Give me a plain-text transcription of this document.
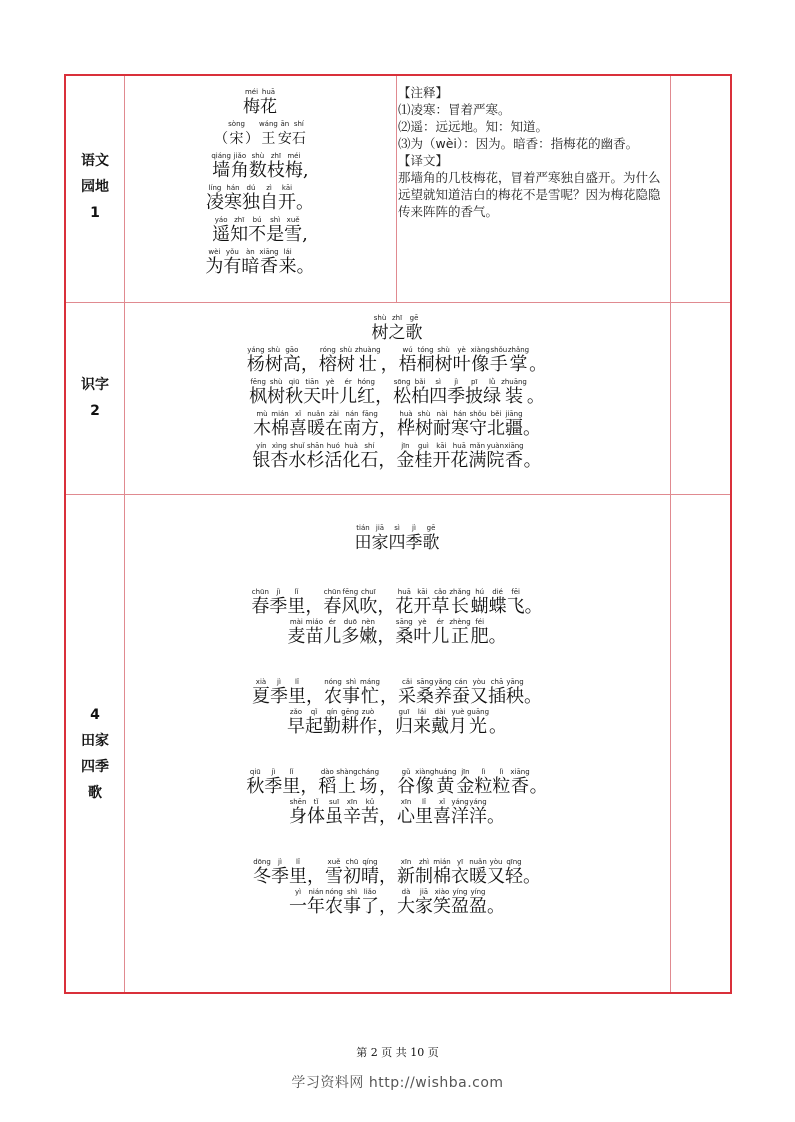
语文
园地
1
识字
2
4
田家
四季
歌
méi
梅
huā
花
（
sòng
宋 ）
wáng
王
ān
安
shí
石
qiáng
墙
jiǎo
角
shù
数
zhī
枝
méi
梅 ,
líng
凌
hán
寒
dú
独
zì
自
kāi
开 。
yáo
遥
zhī
知
bú
不
shì
是
xuě
雪 ,
wèi
为
yǒu
有
àn
暗
xiāng
香
lái
来 。
【注释】
⑴凌寒：冒着严寒。
⑵遥：远远地。知：知道。
⑶为（wèi）：因为。暗香：指梅花的幽香。
【译文】
那墙角的几枝梅花，冒着严寒独自盛开。为什么远望就知道洁白的梅花不是雪呢？因为梅花隐隐传来阵阵的香气。
shù
树
zhī
之
gē
歌
yáng
杨
shù
树
gāo
高 ，
róng
榕
shù
树
zhuàng
壮 ，
wú
梧
tóng
桐
shù
树
yè
叶
xiàng
像
shǒu
手
zhǎng
掌 。
fēng
枫
shù
树
qiū
秋
tiān
天
yè
叶
ér
儿
hóng
红 ，
sōng
松
bǎi
柏
sì
四
jì
季
pī
披
lǜ
绿
zhuāng
装 。
mù
木
mián
棉
xǐ
喜
nuǎn
暖
zài
在
nán
南
fāng
方 ，
huà
桦
shù
树
nài
耐
hán
寒
shǒu
守
běi
北
jiāng
疆 。
yín
银
xìng
杏
shuǐ
水
shān
杉
huó
活
huà
化
shí
石 ，
jīn
金
guì
桂
kāi
开
huā
花
mǎn
满
yuàn
院
xiāng
香 。
tián
田
jiā
家
sì
四
jì
季
gē
歌
chūn
春
jì
季
lǐ
里 ，
chūn
春
fēng
风
chuī
吹 ，
huā
花
kāi
开
cǎo
草
zhǎng
长
hú
蝴
dié
蝶
fēi
飞 。
mài
麦
miáo
苗
ér
儿
duō
多
nèn
嫩 ，
sāng
桑
yè
叶
ér
儿
zhèng
正
féi
肥 。
xià
夏
jì
季
lǐ
里 ，
nóng
农
shì
事
máng
忙 ，
cǎi
采
sāng
桑
yǎng
养
cán
蚕
yòu
又
chā
插
yāng
秧 。
zǎo
早
qǐ
起
qín
勤
gēng
耕
zuò
作 ，
guī
归
lái
来
dài
戴
yuè
月
guāng
光 。
qiū
秋
jì
季
lǐ
里 ，
dào
稻
shàng
上
cháng
场 ，
gǔ
谷
xiàng
像
huáng
黄
jīn
金
lì
粒
lì
粒
xiāng
香 。
shēn
身
tǐ
体
suī
虽
xīn
辛
kǔ
苦 ，
xīn
心
lǐ
里
xǐ
喜
yáng
洋
yáng
洋 。
dōng
冬
jì
季
lǐ
里 ，
xuě
雪
chū
初
qíng
晴 ，
xīn
新
zhì
制
mián
棉
yī
衣
nuǎn
暖
yòu
又
qīng
轻 。
yì
一
nián
年
nóng
农
shì
事
liǎo
了 ，
dà
大
jiā
家
xiào
笑
yíng
盈
yíng
盈 。
第 2 页 共 10 页
学习资料网 http://wishba.com
